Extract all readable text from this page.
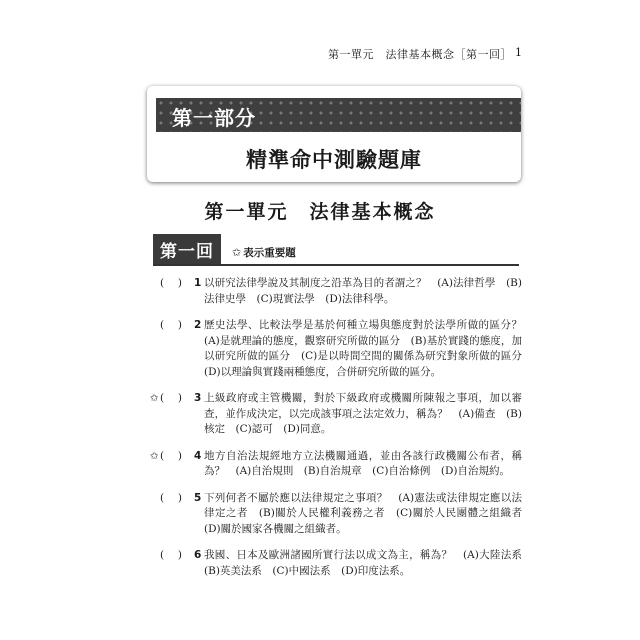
第一單元　法律基本概念［第一回］ 1
第一部分
精準命中測驗題庫
第一單元　法律基本概念
第一回	✩ 表示重要題
(　 ) 1 以研究法律學說及其制度之沿革為目的者謂之？　(A)法律哲學　(B)法律史學　(C)現實法學　(D)法律科學。
(　 ) 2 歷史法學、比較法學是基於何種立場與態度對於法學所做的區分？　(A)是就理論的態度，觀察研究所做的區分　(B)基於實踐的態度，加以研究所做的區分　(C)是以時間空間的關係為研究對象所做的區分　(D)以理論與實踐兩種態度，合併研究所做的區分。
✩ (　 ) 3 上級政府或主管機關，對於下級政府或機關所陳報之事項，加以審查，並作成決定，以完成該事項之法定效力，稱為？　(A)備查　(B)核定　(C)認可　(D)同意。
✩ (　 ) 4 地方自治法規經地方立法機關通過，並由各該行政機關公布者，稱為？　(A)自治規則　(B)自治規章　(C)自治條例　(D)自治規約。
(　 ) 5 下列何者不屬於應以法律規定之事項？　(A)憲法或法律規定應以法律定之者　(B)關於人民權利義務之者　(C)關於人民團體之組織者　(D)關於國家各機關之組織者。
(　 ) 6 我國、日本及歐洲諸國所實行法以成文為主，稱為？　(A)大陸法系　(B)英美法系　(C)中國法系　(D)印度法系。
